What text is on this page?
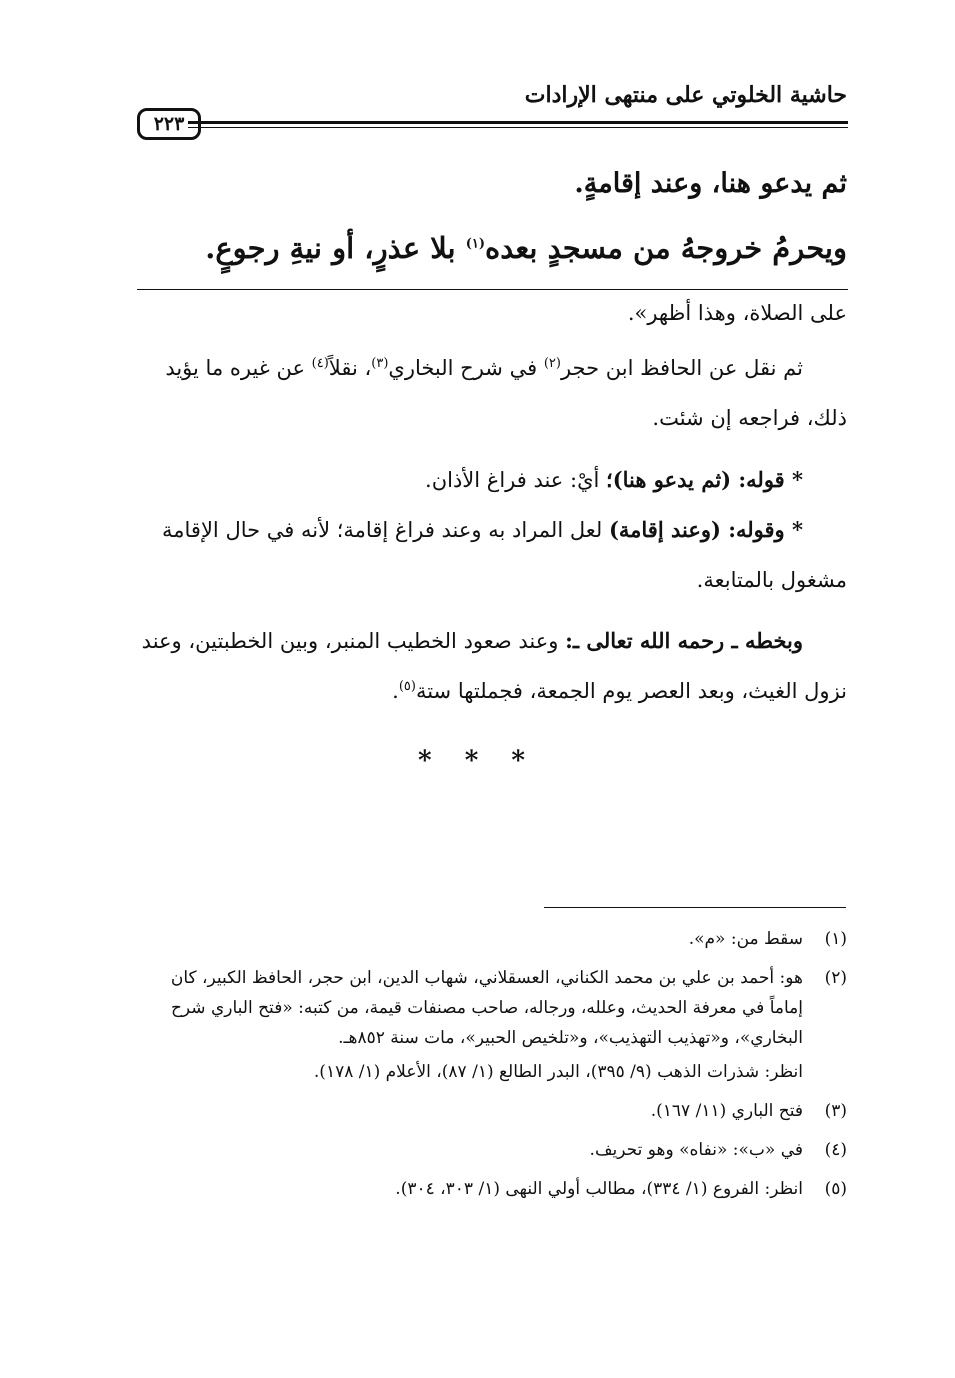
حاشية الخلوتي على منتهى الإرادات
٢٢٣
ثم يدعو هنا، وعند إقامةٍ.
ويحرمُ خروجهُ من مسجدٍ بعده$^{(١)}$ بلا عذرٍ، أو نيةِ رجوعٍ.
على الصلاة، وهذا أظهر».
ثم نقل عن الحافظ ابن حجر$^{(٢)}$ في شرح البخاري$^{(٣)}$، نقلاً$^{(٤)}$ عن غيره ما يؤيد ذلك، فراجعه إن شئت.
* قوله: (ثم يدعو هنا)؛ أيْ: عند فراغ الأذان.
* وقوله: (وعند إقامة) لعل المراد به وعند فراغ إقامة؛ لأنه في حال الإقامة مشغول بالمتابعة.
وبخطه ـ رحمه الله تعالى ـ: وعند صعود الخطيب المنبر، وبين الخطبتين، وعند نزول الغيث، وبعد العصر يوم الجمعة، فجملتها ستة$^{(٥)}$.
* * *
(١)
سقط من: «م».
(٢)
هو: أحمد بن علي بن محمد الكناني، العسقلاني، شهاب الدين، ابن حجر، الحافظ الكبير، كان إماماً في معرفة الحديث، وعلله، ورجاله، صاحب مصنفات قيمة، من كتبه: «فتح الباري شرح البخاري»، و«تهذيب التهذيب»، و«تلخيص الحبير»، مات سنة ٨٥٢هـ.
انظر: شذرات الذهب (٩/ ٣٩٥)، البدر الطالع (١/ ٨٧)، الأعلام (١/ ١٧٨).
(٣)
فتح الباري (١١/ ١٦٧).
(٤)
في «ب»: «نفاه» وهو تحريف.
(٥)
انظر: الفروع (١/ ٣٣٤)، مطالب أولي النهى (١/ ٣٠٣، ٣٠٤).
